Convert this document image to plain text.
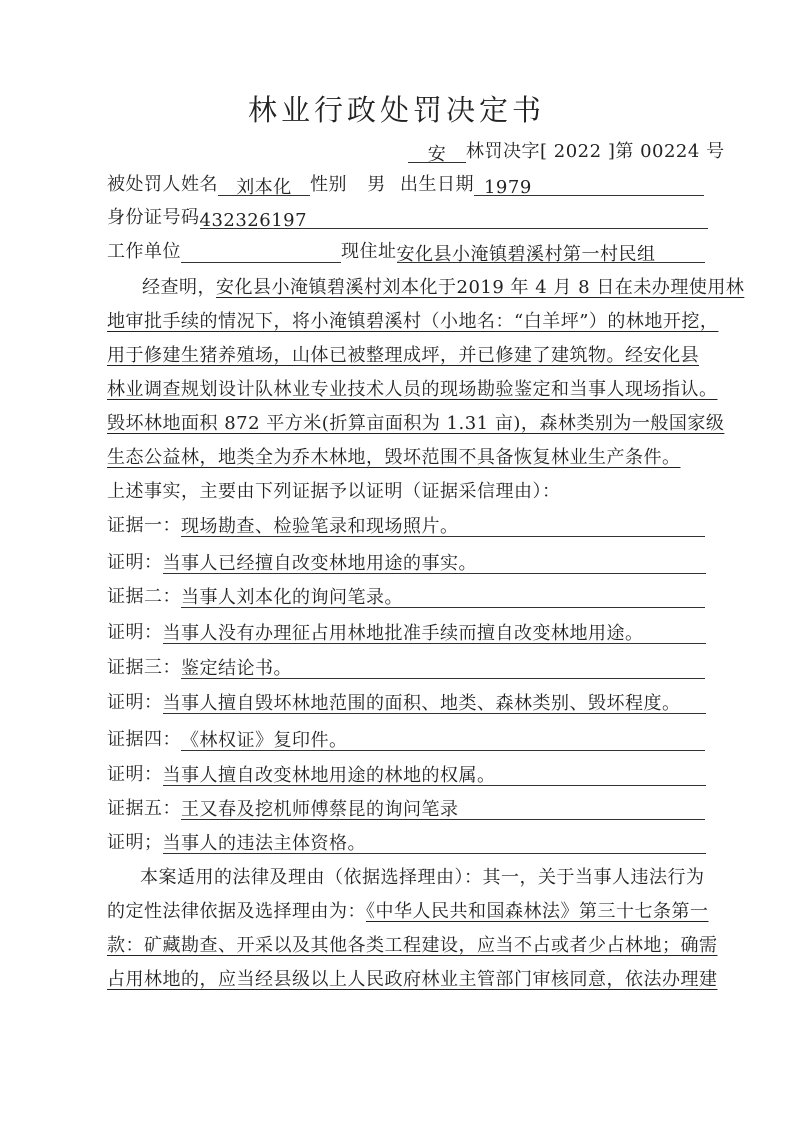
林业行政处罚决定书
安 林罚决字[ 2022 ]第 00224 号
被处罚人姓名 刘本化 性别 男 出生日期 1979
身份证号码432326197
工作单位	现住址安化县小淹镇碧溪村第一村民组
经查明，安化县小淹镇碧溪村刘本化于2019 年 4 月 8 日在未办理使用林
地审批手续的情况下，将小淹镇碧溪村（小地名：“白羊坪”）的林地开挖，
用于修建生猪养殖场，山体已被整理成坪，并已修建了建筑物。经安化县
林业调查规划设计队林业专业技术人员的现场勘验鉴定和当事人现场指认。
毁坏林地面积 872 平方米(折算亩面积为 1.31 亩)，森林类别为一般国家级
生态公益林，地类全为乔木林地，毁坏范围不具备恢复林业生产条件。
上述事实，主要由下列证据予以证明（证据采信理由）：
证据一：现场勘查、检验笔录和现场照片。
证明：当事人已经擅自改变林地用途的事实。
证据二：当事人刘本化的询问笔录。
证明：当事人没有办理征占用林地批准手续而擅自改变林地用途。
证据三：鉴定结论书。
证明：当事人擅自毁坏林地范围的面积、地类、森林类别、毁坏程度。
证据四：《林权证》复印件。
证明：当事人擅自改变林地用途的林地的权属。
证据五：王又春及挖机师傅蔡昆的询问笔录
证明；当事人的违法主体资格。
本案适用的法律及理由（依据选择理由）：其一，关于当事人违法行为
的定性法律依据及选择理由为：《中华人民共和国森林法》第三十七条第一
款：矿藏勘查、开采以及其他各类工程建设，应当不占或者少占林地；确需
占用林地的，应当经县级以上人民政府林业主管部门审核同意，依法办理建
